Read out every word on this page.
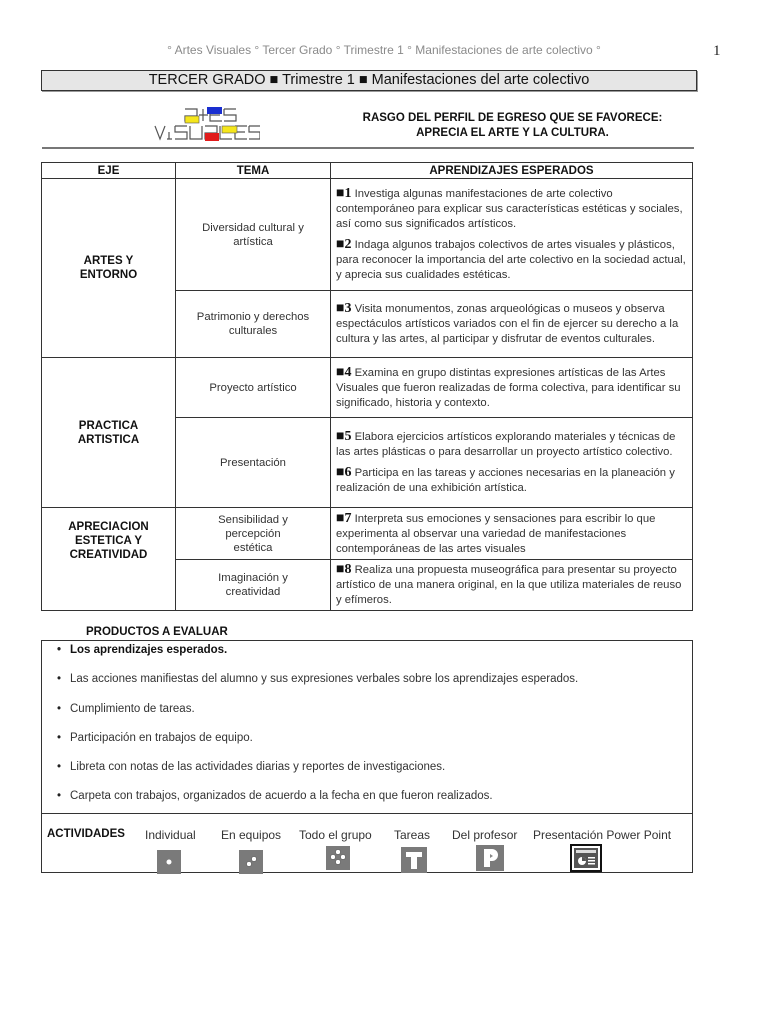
° Artes Visuales ° Tercer Grado ° Trimestre 1 ° Manifestaciones de arte colectivo °	1
TERCER GRADO ■ Trimestre 1 ■ Manifestaciones del arte colectivo
RASGO DEL PERFIL DE EGRESO QUE SE FAVORECE:
APRECIA EL ARTE Y LA CULTURA.
EJE	TEMA	APRENDIZAJES ESPERADOS
ARTES Y ENTORNO	Diversidad cultural y artística	■1 Investiga algunas manifestaciones de arte colectivo contemporáneo para explicar sus características estéticas y sociales, así como sus significados artísticos.
■2 Indaga algunos trabajos colectivos de artes visuales y plásticos, para reconocer la importancia del arte colectivo en la sociedad actual, y aprecia sus cualidades estéticas.

	Patrimonio y derechos culturales	■3 Visita monumentos, zonas arqueológicas o museos y observa espectáculos artísticos variados con el fin de ejercer su derecho a la cultura y las artes, al participar y disfrutar de eventos culturales.

PRACTICA ARTISTICA	Proyecto artístico	■4 Examina en grupo distintas expresiones artísticas de las Artes Visuales que fueron realizadas de forma colectiva, para identificar su significado, historia y contexto.

	Presentación	■5 Elabora ejercicios artísticos explorando materiales y técnicas de las artes plásticas o para desarrollar un proyecto artístico colectivo.
■6 Participa en las tareas y acciones necesarias en la planeación y realización de una exhibición artística.

APRECIACION ESTETICA Y CREATIVIDAD	Sensibilidad y percepción estética	■7 Interpreta sus emociones y sensaciones para escribir lo que experimenta al observar una variedad de manifestaciones contemporáneas de las artes visuales

	Imaginación y creatividad	■8 Realiza una propuesta museográfica para presentar su proyecto artístico de una manera original, en la que utiliza materiales de reuso y efímeros.
PRODUCTOS A EVALUAR
• Los aprendizajes esperados.
• Las acciones manifiestas del alumno y sus expresiones verbales sobre los aprendizajes esperados.
• Cumplimiento de tareas.
• Participación en trabajos de equipo.
• Libreta con notas de las actividades diarias y reportes de investigaciones.
• Carpeta con trabajos, organizados de acuerdo a la fecha en que fueron realizados.
ACTIVIDADES Individual En equipos Todo el grupo Tareas Del profesor Presentación Power Point
